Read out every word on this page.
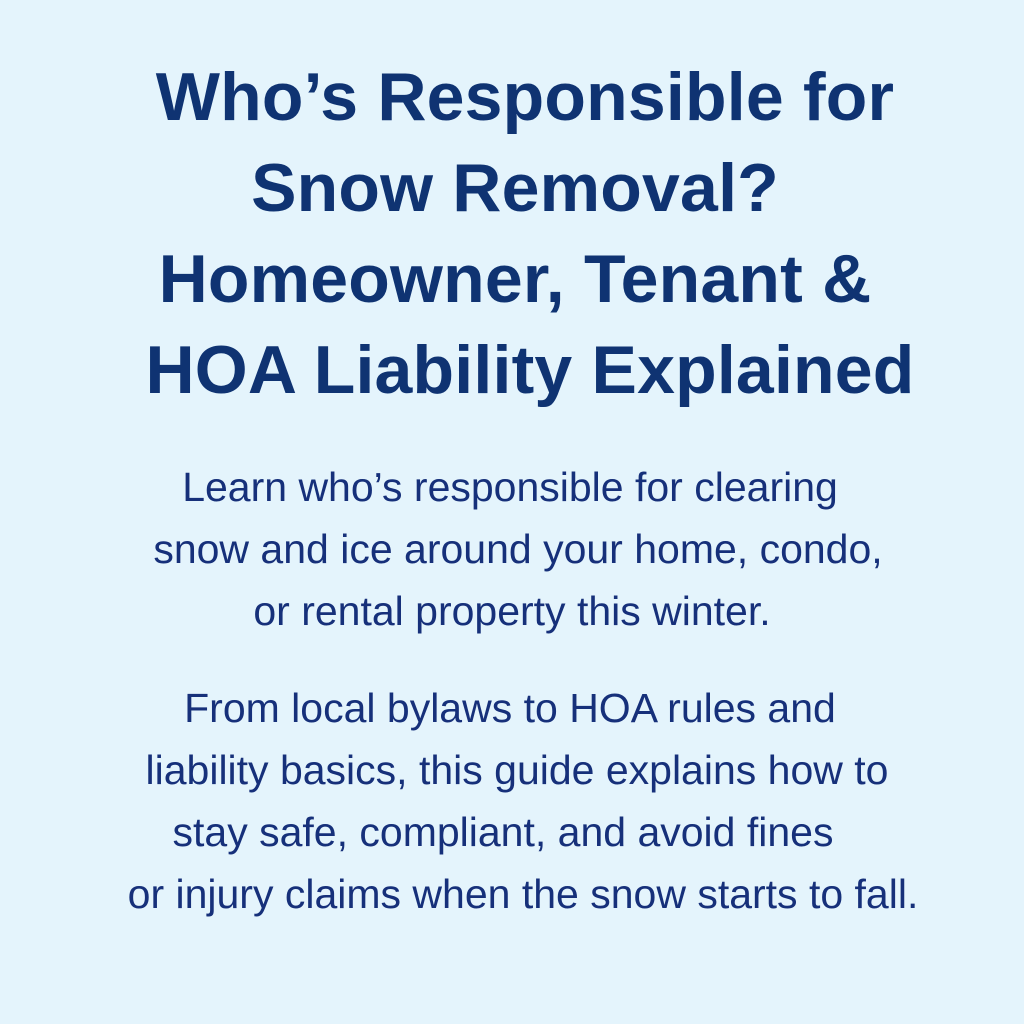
Who’s Responsible for
Snow Removal?
Homeowner, Tenant &
HOA Liability Explained

Learn who’s responsible for clearing
snow and ice around your home, condo,
or rental property this winter.

From local bylaws to HOA rules and
liability basics, this guide explains how to
stay safe, compliant, and avoid fines
or injury claims when the snow starts to fall.
